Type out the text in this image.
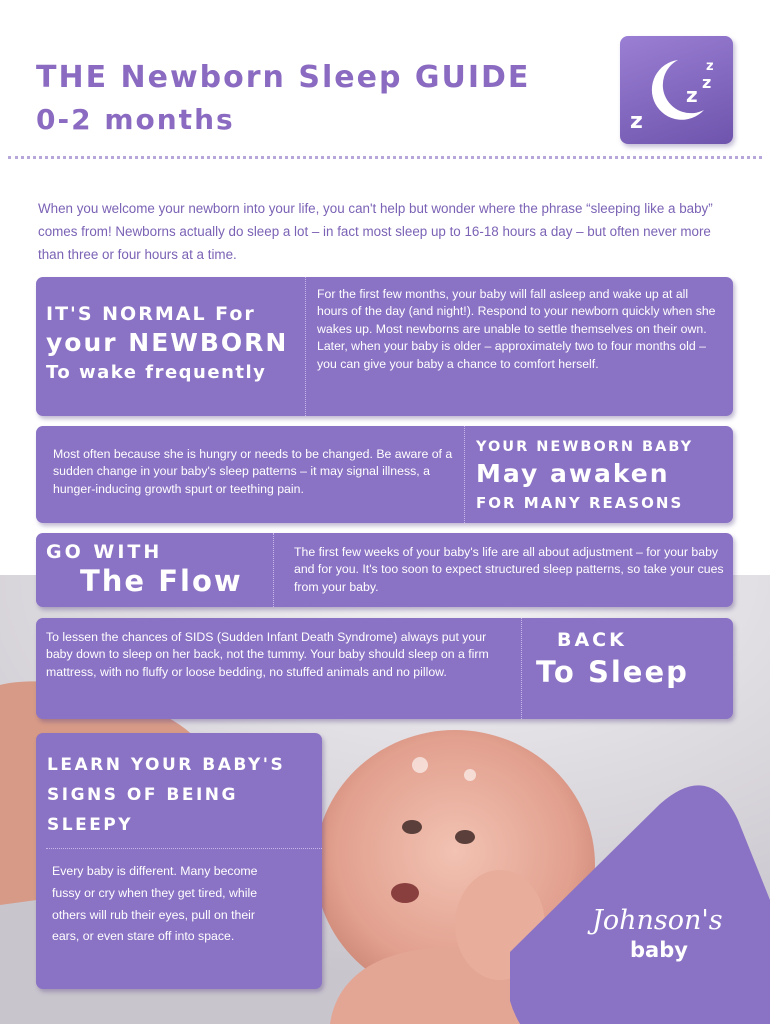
THE Newborn Sleep GUIDE
0-2 months	z
z
z
z

When you welcome your newborn into your life, you can't help but wonder where the phrase “sleeping like a baby” comes from! Newborns actually do sleep a lot – in fact most sleep up to 16-18 hours a day – but often never more than three or four hours at a time.

IT'S NORMAL For
your NEWBORN
To wake frequently

For the first few months, your baby will fall asleep and wake up at all hours of the day (and night!). Respond to your newborn quickly when she wakes up. Most newborns are unable to settle themselves on their own. Later, when your baby is older – approximately two to four months old – you can give your baby a chance to comfort herself.

Most often because she is hungry or needs to be changed. Be aware of a sudden change in your baby's sleep patterns – it may signal illness, a hunger-inducing growth spurt or teething pain.

YOUR NEWBORN BABY
May awaken
FOR MANY REASONS
GO WITH
The Flow

The first few weeks of your baby's life are all about adjustment – for your baby and for you. It's too soon to expect structured sleep patterns, so take your cues from your baby.

To lessen the chances of SIDS (Sudden Infant Death Syndrome) always put your baby down to sleep on her back, not the tummy. Your baby should sleep on a firm mattress, with no fluffy or loose bedding, no stuffed animals and no pillow.

BACK
To Sleep
LEARN YOUR BABY'S
SIGNS OF BEING
SLEEPY

Every baby is different. Many become fussy or cry when they get tired, while others will rub their eyes, pull on their ears, or even stare off into space.

Johnson's
baby
